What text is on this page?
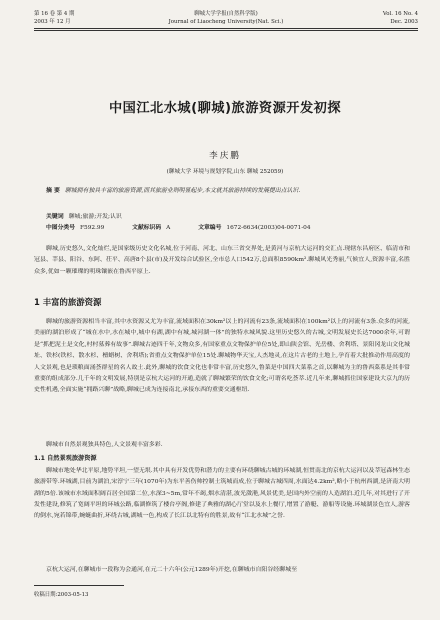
第 16 卷 第 4 期
2003 年 12 月
聊城大学学报(自然科学版)
Journal of Liaocheng University(Nat. Sci.)
Vol. 16 No. 4
Dec. 2003
中国江北水城(聊城)旅游资源开发初探
李庆鹏
(聊城大学 环境与规划学院,山东 聊城 252059)
摘 要 聊城拥有独具丰富的旅游资源,而其旅游业则明显起步,本文就其旅游持续的发展提出点认识.
关键词 聊城;旅游;开发;认识
中图分类号 F592.99	文献标识码 A	文章编号 1672-6634(2003)04-0071-04
聊城,历史悠久,文化灿烂,是国家级历史文化名城,位于河南、河北、山东三省交界处,是黄河与京杭大运河的交汇点.现辖东昌府区、临清市和冠县、莘县、阳谷、东阿、茌平、高唐8个县(市)及开发综合试验区,全市总人口542万,总面积8590km².聊城风光秀丽,气候宜人,资源丰富,名胜众多,优如一颗璀璨的明珠镶嵌在鲁西平原上.
1 丰富的旅游资源
聊城的旅游资源相当丰富,其中水资源又尤为丰富,流域面积在30km²以上的河流有23条,流域面积在100km²以上的河流有3条.众多的河流,美丽的湖泊形成了“城在水中,水在城中,城中有湖,湖中有城,城河湖一体”的独特水城风貌.这里历史悠久的古城,文明发展史长达7000余年,可谓是“抓把泥土是文化,村村墓葬有故事”.聊城古迹四千年,文物众多,有国家重点文物保护单位5处,即山陕会馆、光岳楼、舍利塔、景阳冈龙山文化城址、铁杉(铁杉、散水杉、檀蜡树、舍利塔);省重点文物保护单位15处.聊城物华天宝,人杰地灵,在这片古老的土地上,孕育着大批推动作用高度的人文景观,也是琐粮面涌荟群星的名人故土.此外,聊城的饮食文化也非常丰富,历史悠久,鲁菜是中国四大菜系之首,以聊城为主的鲁西菜系是其非常重要的组成部分.几千年的文明发展,特别是京杭大运河的开通,造就了聊城繁荣的饮食文化;可谓名吃荟萃.近几年来,聊城抓住国家建设大京九的历史性机遇,全面实施“拥路兴聊”战略,聊城已成为连接南北,承接东西的重要交通枢纽.
聊城市自然景观独具特色,人文景观丰富多彩.
1.1 自然景观旅游资源
聊城市地处华北平原,地势平坦,一望无垠.其中具有开发优势和潜力的主要有环绕聊城古城的环城湖,恒贯南北的京杭大运河以及莘冠森林生态旅游带等.环城湖,目前为湖泊,宋淳宁三年(1070年)为东平善伤帅控制土筑城而成,位于聊城古城四周,水面达4.2km²,略小于杭州西湖,是济南大明湖的5倍.该城市水域面积阔百居全国第二位,水深3~5m,常年不竭,烟水清湛,波光潋滟,风景优美,是国内外空前的人造湖泊.近几年,对其进行了开发性建设,修筑了宽阔平坦的环城公路,临湖修筑了楼台亭阁,修建了典雅的湖心厅堂以及水上餐厅,增置了游艇、游船等设施.环城湖景色宜人,游客的倒水,宛若锦带,蜿蜒曲折,环绕古城,湖城一色,构成了长江以北特有的胜景,故有“江北水城”之誉.
京杭大运河,在聊城市一段称为会通河,在元二十六年(公元1289年)开挖,在聊城市自阳谷经聊城至
收稿日期:2003-05-13
